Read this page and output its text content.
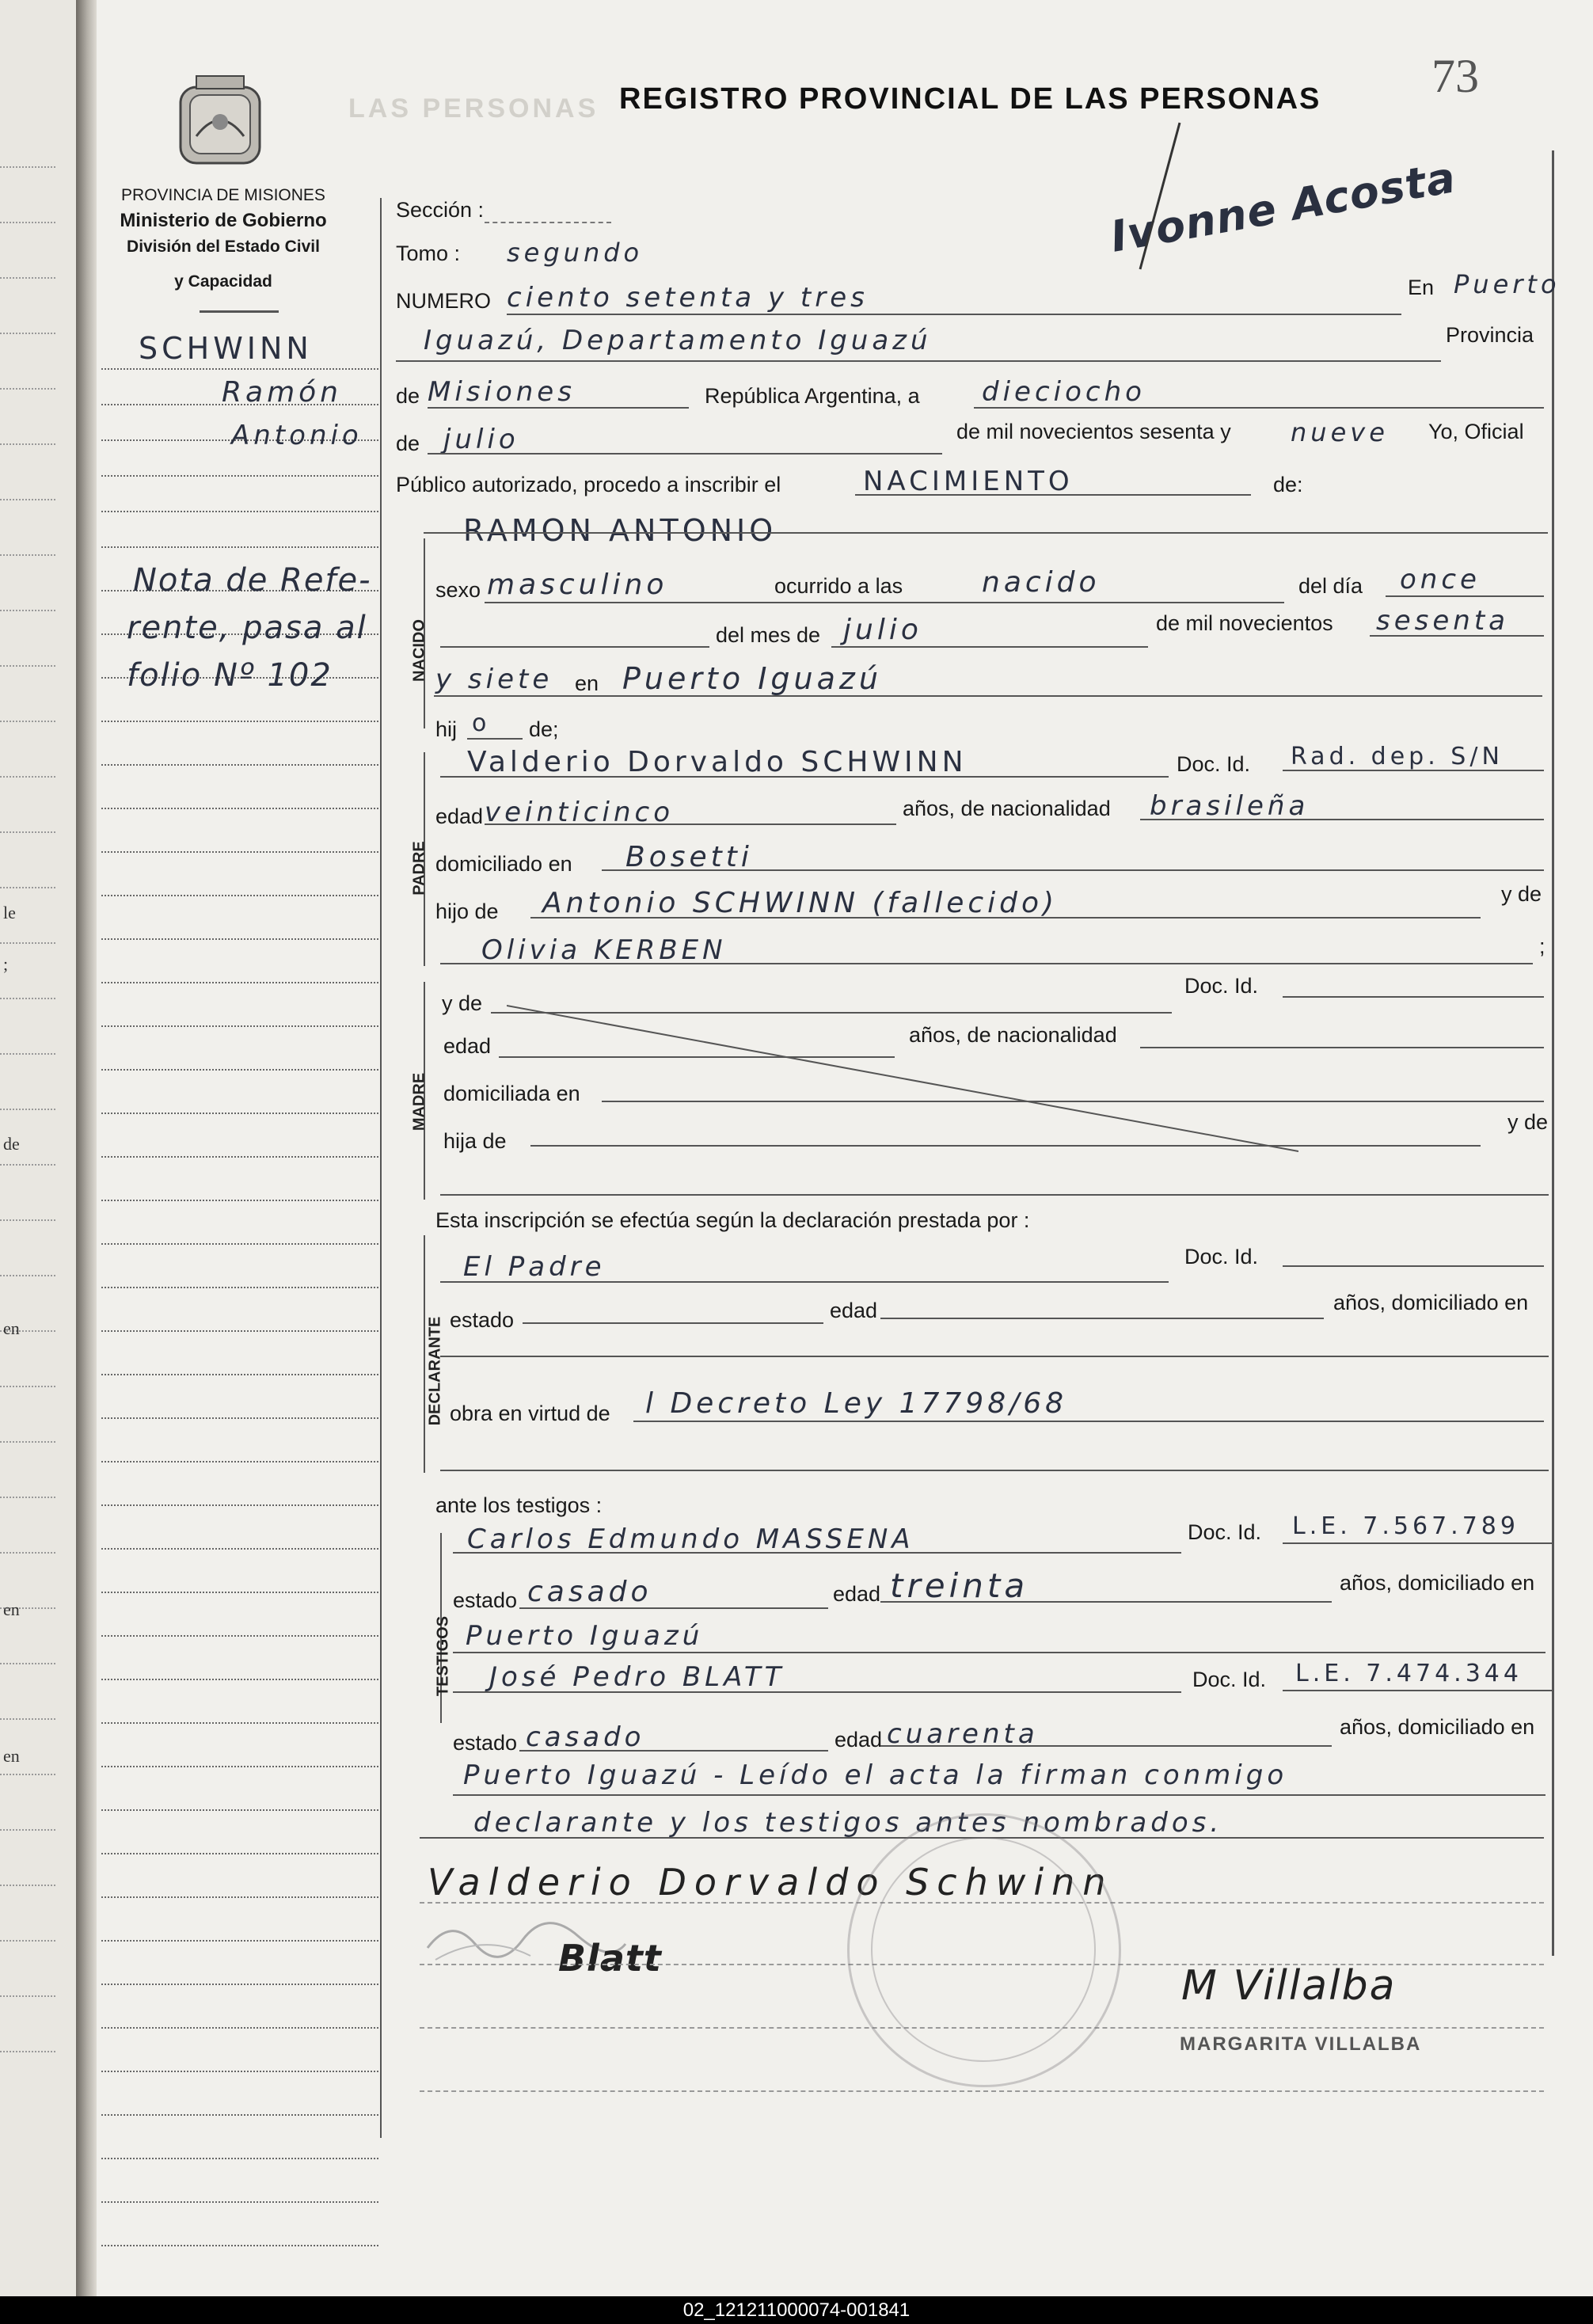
le
;
de
en
en
en
LAS PERSONAS REGISTRO PROVINCIAL DE LAS PERSONAS 73
PROVINCIA DE MISIONES
Ministerio de Gobierno
División del Estado Civil
y Capacidad
SCHWINN
Ramón
Antonio
Nota de Refe-
rente, pasa al
folio Nº 102
Sección :
Tomo : segundo
NUMERO ciento setenta y tres
Ivonne Acosta
En Puerto
Iguazú, Departamento Iguazú	Provincia
de Misiones	República Argentina, a dieciocho
de julio	de mil novecientos sesenta y nueve Yo, Oficial
Público autorizado, procedo a inscribir el	NACIMIENTO	de:
RAMON ANTONIO
NACIDO
sexo masculino	ocurrido a las	nacido	del día once
del mes de julio	de mil novecientos sesenta
y siete en Puerto Iguazú
hij o de;
PADRE
Valderio Dorvaldo SCHWINN	Doc. Id. Rad. dep. S/N
edad veinticinco	años, de nacionalidad brasileña
domiciliado en Bosetti
hijo de Antonio SCHWINN (fallecido)	y de
Olivia KERBEN	;
MADRE
y de
Doc. Id.
edad	años, de nacionalidad
domiciliada en
hija de
y de
Esta inscripción se efectúa según la declaración prestada por :
DECLARANTE
El Padre	Doc. Id.
estado	edad	años, domiciliado en
obra en virtud de l Decreto Ley 17798/68
ante los testigos :
TESTIGOS
Carlos Edmundo MASSENA	Doc. Id. L.E. 7.567.789
estado casado	edad treinta	años, domiciliado en
Puerto Iguazú
José Pedro BLATT	Doc. Id. L.E. 7.474.344
estado casado	edad cuarenta	años, domiciliado en
Puerto Iguazú - Leído el acta la firman conmigo
declarante y los testigos antes nombrados.
Valderio Dorvaldo Schwinn
Blatt
M Villalba
MARGARITA VILLALBA
02_121211000074-001841
